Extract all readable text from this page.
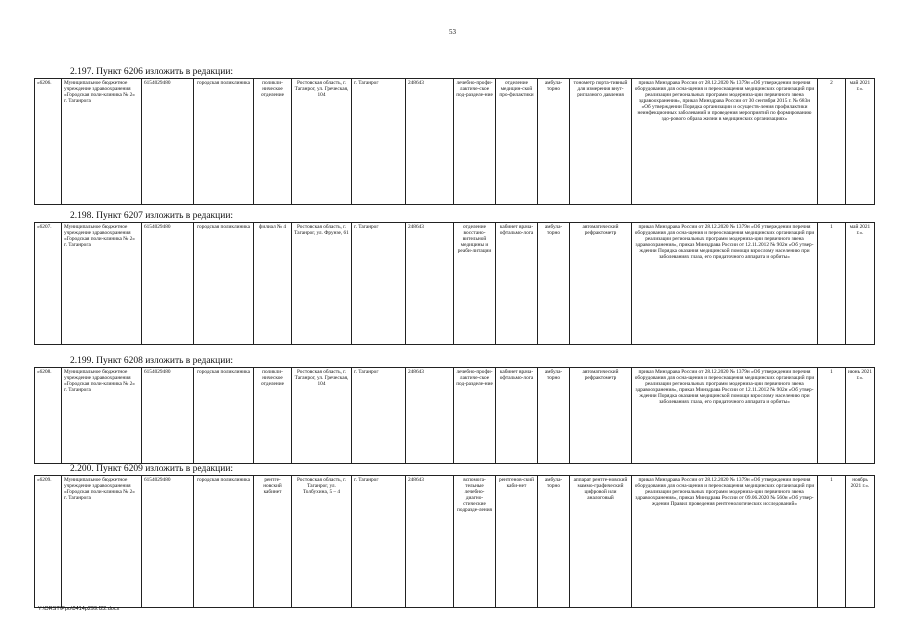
53
2.197. Пункт 6206 изложить в редакции:
«6206.	Муниципальное бюджетное учреждение здравоохранения «Городская поли-клиника № 2» г. Таганрога	6154029480	городская поликлиника	поликли-ническое отделение	Ростовская область, г. Таганрог, ул. Греческая, 104	г. Таганрог	248643	лечебно-профи-лактиче-ское под-разделе-ние	отделение медицин-ской про-филактики	амбула-торно	тонометр порта-тивный для измерения внут-риглазного давления	приказ Минздрава России от 28.12.2020 № 1379н «Об утверждении перечня оборудования для осна-щения и переоснащения медицинских организаций при реализации региональных программ модерниза-ции первичного звена здравоохранения», приказ Минздрава России от 30 сентября 2015 г. № 683н «Об утверждении Порядка организации и осуществ-ления профилактики неинфекционных заболеваний и проведения мероприятий по формированию здо-рового образа жизни в медицинских организациях»	2	май 2021 г.».
2.198. Пункт 6207 изложить в редакции:
«6207.	Муниципальное бюджетное учреждение здравоохранения «Городская поли-клиника № 2» г. Таганрога	6154029480	городская поликлиника	филиал № 4	Ростовская область, г. Таганрог, ул. Фрунзе, 61	г. Таганрог	248643	отделение восстано-вительной медицины и реаби-литации	кабинет врача-офтальмо-лога	амбула-торно	автоматический рефрактометр	приказ Минздрава России от 28.12.2020 № 1379н «Об утверждении перечня оборудования для осна-щения и переоснащения медицинских организаций при реализации региональных программ модерниза-ции первичного звена здравоохранения», приказ Минздрава России от 12.11.2012 № 902н «Об утвер-ждении Порядка оказания медицинской помощи взрослому населению при заболеваниях глаза, его придаточного аппарата и орбиты»	1	май 2021 г.».
2.199. Пункт 6208 изложить в редакции:
«6208.	Муниципальное бюджетное учреждение здравоохранения «Городская поли-клиника № 2» г. Таганрога	6154029480	городская поликлиника	поликли-ническое отделение	Ростовская область, г. Таганрог, ул. Греческая, 104	г. Таганрог	248643	лечебно-профи-лактиче-ское под-разделе-ние	кабинет врача-офтальмо-лога	амбула-торно	автоматический рефрактометр	приказ Минздрава России от 28.12.2020 № 1379н «Об утверждении перечня оборудования для осна-щения и переоснащения медицинских организаций при реализации региональных программ модерниза-ции первичного звена здравоохранения», приказ Минздрава России от 12.11.2012 № 902н «Об утвер-ждении Порядка оказания медицинской помощи взрослому населению при заболеваниях глаза, его придаточного аппарата и орбиты»	1	июнь 2021 г.».
2.200. Пункт 6209 изложить в редакции:
«6209.	Муниципальное бюджетное учреждение здравоохранения «Городская поли-клиника № 2» г. Таганрога	6154029480	городская поликлиника	рентге-новский кабинет	Ростовская область, г. Таганрог, ул. Толбухина, 5 – 4	г. Таганрог	248643	вспомога-тельные лечебно-диагно-стические подразде-ления	рентгенов-ский каби-нет	амбула-торно	аппарат рентге-новский маммо-графический цифровой или аналоговый	приказ Минздрава России от 28.12.2020 № 1379н «Об утверждении перечня оборудования для осна-щения и переоснащения медицинских организаций при реализации региональных программ модерниза-ции первичного звена здравоохранения», приказ Минздрава России от 09.06.2020 № 560н «Об утвер-ждении Правил проведения рентгенологических исследований»	1	ноябрь 2021 г.».
Y:\ORST\Ppo\0414p299.f22.docx
